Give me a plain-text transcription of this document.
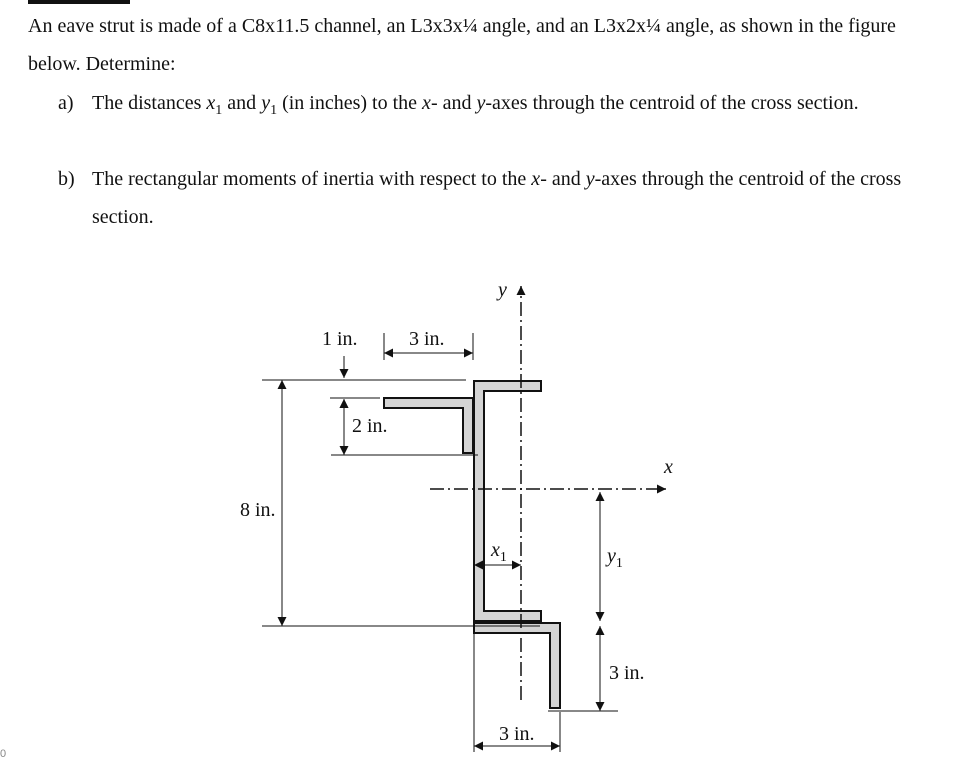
An eave strut is made of a C8x11.5 channel, an L3x3x¼ angle, and an L3x2x¼ angle, as shown in the figure below. Determine:

a) The distances $x_1$ and $y_1$ (in inches) to the x- and y-axes through the centroid of the cross section.
b) The rectangular moments of inertia with respect to the x- and y-axes through the centroid of the cross section.
8 in.
1 in.
2 in.
3 in.
$x_1$	$y_1$
3 in.
3 in.
y
x
0
